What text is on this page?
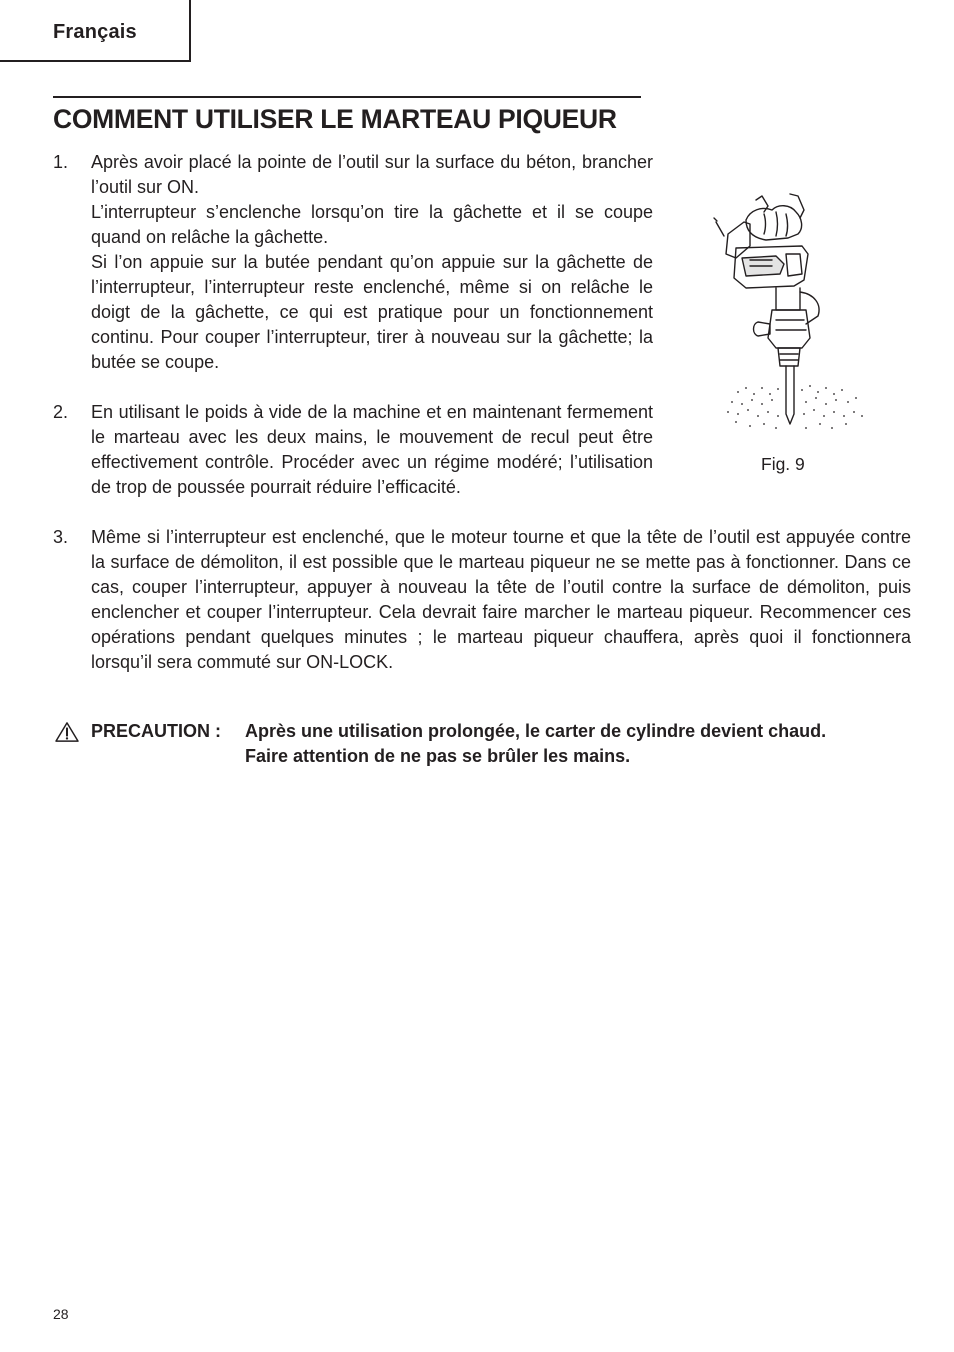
Français
COMMENT UTILISER LE MARTEAU PIQUEUR
1. Après avoir placé la pointe de l’outil sur la surface du béton, brancher l’outil sur ON.

L’interrupteur s’enclenche lorsqu’on tire la gâchette et il se coupe quand on relâche la gâchette.

Si l’on appuie sur la butée pendant qu’on appuie sur la gâchette de l’interrupteur, l’interrupteur reste enclenché, même si on relâche le doigt de la gâchette, ce qui est pratique pour un fonctionnement continu. Pour couper l’interrupteur, tirer à nouveau sur la gâchette; la butée se coupe.

2. En utilisant le poids à vide de la machine et en maintenant fermement le marteau avec les deux mains, le mouvement de recul peut être effectivement contrôle. Procéder avec un régime modéré; l’utilisation de trop de poussée pourrait réduire l’efficacité.

3. Même si l’interrupteur est enclenché, que le moteur tourne et que la tête de l’outil est appuyée contre la surface de démoliton, il est possible que le marteau piqueur ne se mette pas à fonctionner. Dans ce cas, couper l’interrupteur, appuyer à nouveau la tête de l’outil contre la surface de démoliton, puis enclencher et couper l’interrupteur. Cela devrait faire marcher le marteau piqueur. Recommencer ces opérations pendant quelques minutes ; le marteau piqueur chauffera, après quoi il fonctionnera lorsqu’il sera commuté sur ON-LOCK.

Fig. 9
PRECAUTION : Après une utilisation prolongée, le carter de cylindre devient chaud.

Faire attention de ne pas se brûler les mains.

28
